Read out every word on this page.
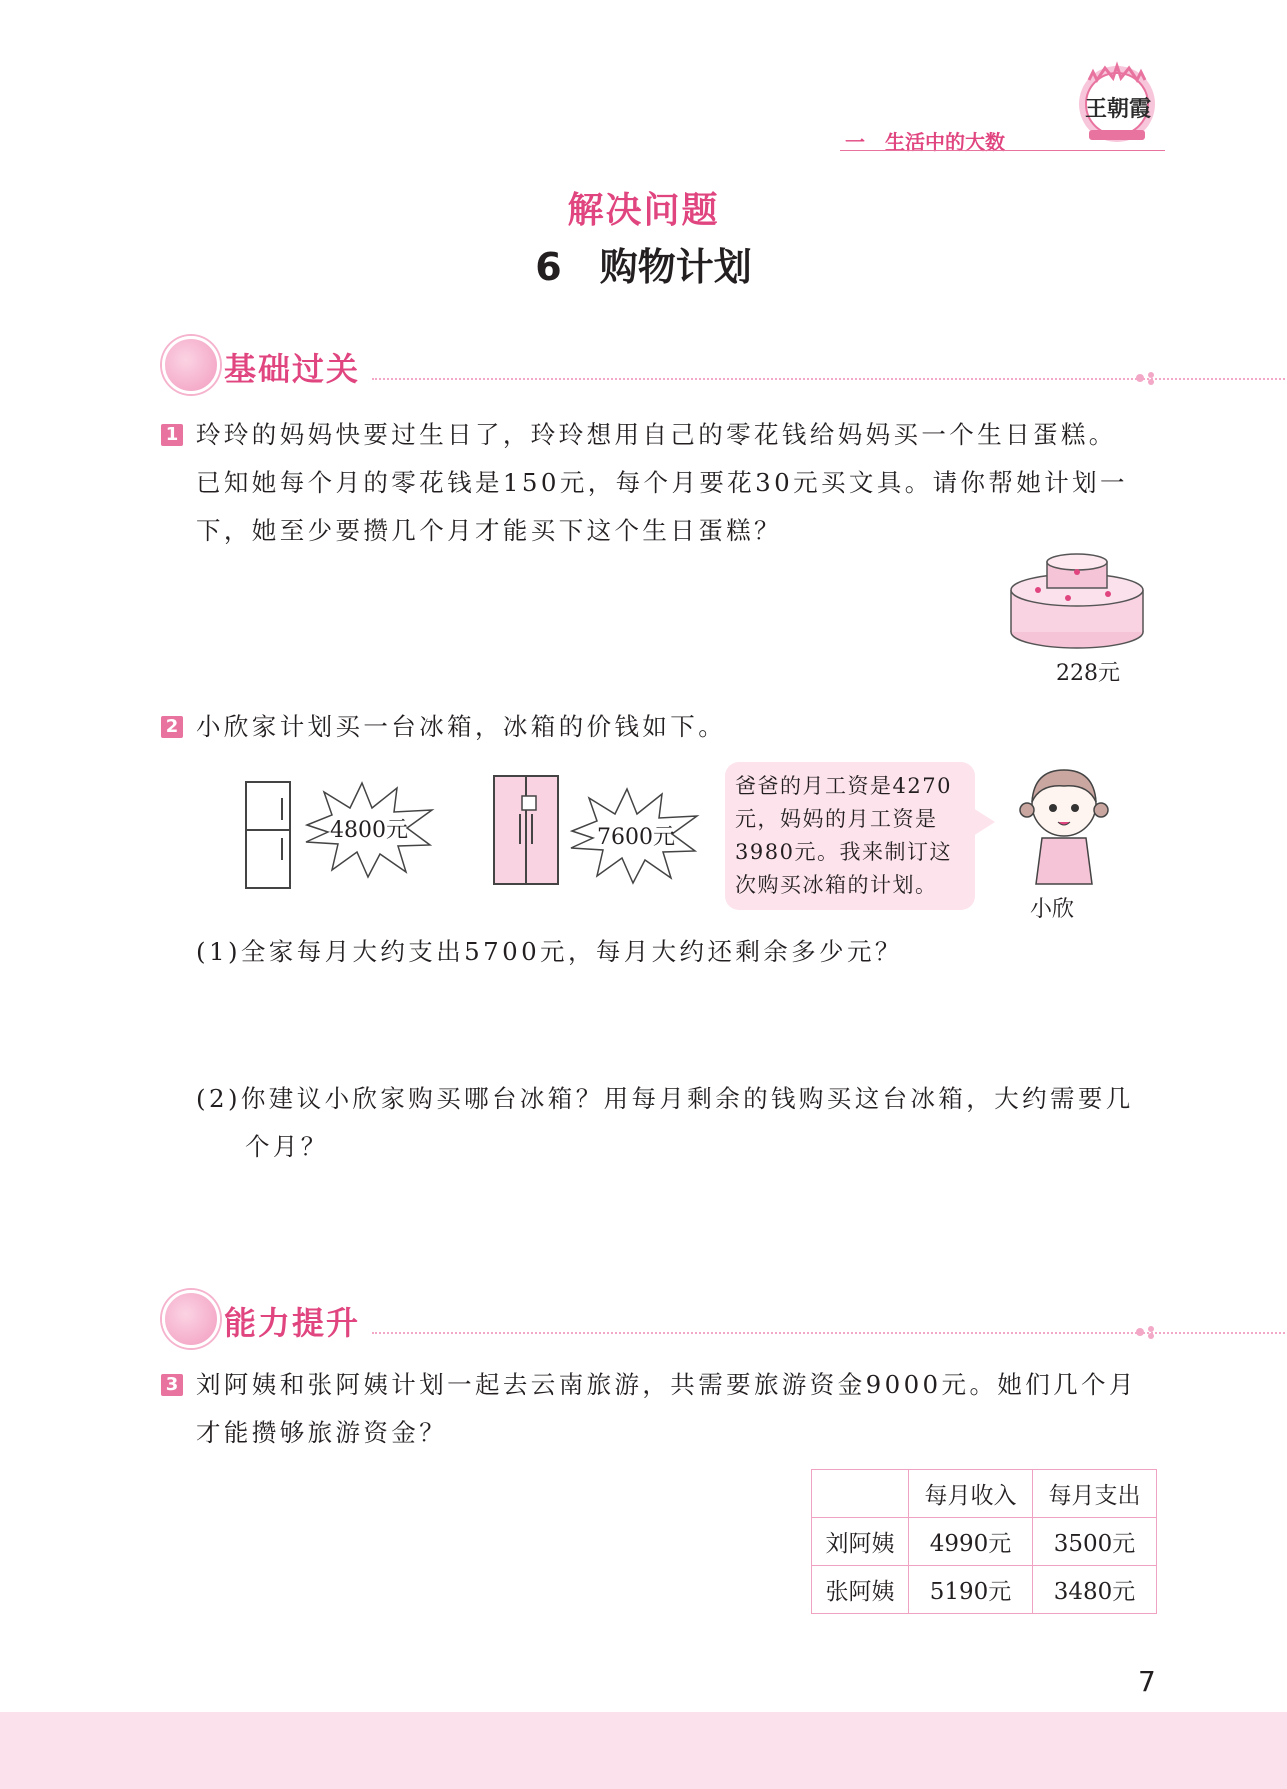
王朝霞
一　生活中的大数
解决问题
6　购物计划
基础过关
1 玲玲的妈妈快要过生日了，玲玲想用自己的零花钱给妈妈买一个生日蛋糕。
已知她每个月的零花钱是150元，每个月要花30元买文具。请你帮她计划一
下，她至少要攒几个月才能买下这个生日蛋糕？
228元
2 小欣家计划买一台冰箱，冰箱的价钱如下。
4800元	7600元
爸爸的月工资是4270
元，妈妈的月工资是
3980元。我来制订这
次购买冰箱的计划。
小欣
(1)全家每月大约支出5700元，每月大约还剩余多少元？
(2)你建议小欣家购买哪台冰箱？用每月剩余的钱购买这台冰箱，大约需要几
个月？
能力提升
3 刘阿姨和张阿姨计划一起去云南旅游，共需要旅游资金9000元。她们几个月
才能攒够旅游资金？
	每月收入	每月支出
刘阿姨	4990元	3500元
张阿姨	5190元	3480元
7
